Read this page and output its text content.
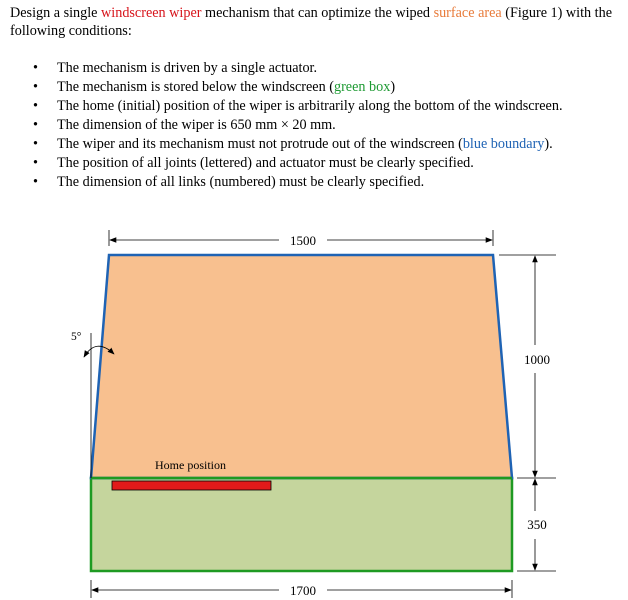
Design a single windscreen wiper mechanism that can optimize the wiped surface area (Figure 1) with the following conditions:

• The mechanism is driven by a single actuator.
• The mechanism is stored below the windscreen (green box)
• The home (initial) position of the wiper is arbitrarily along the bottom of the windscreen.
• The dimension of the wiper is 650 mm × 20 mm.
• The wiper and its mechanism must not protrude out of the windscreen (blue boundary).
• The position of all joints (lettered) and actuator must be clearly specified.
• The dimension of all links (numbered) must be clearly specified.
Home position
1500
1000
350
1700
5°
